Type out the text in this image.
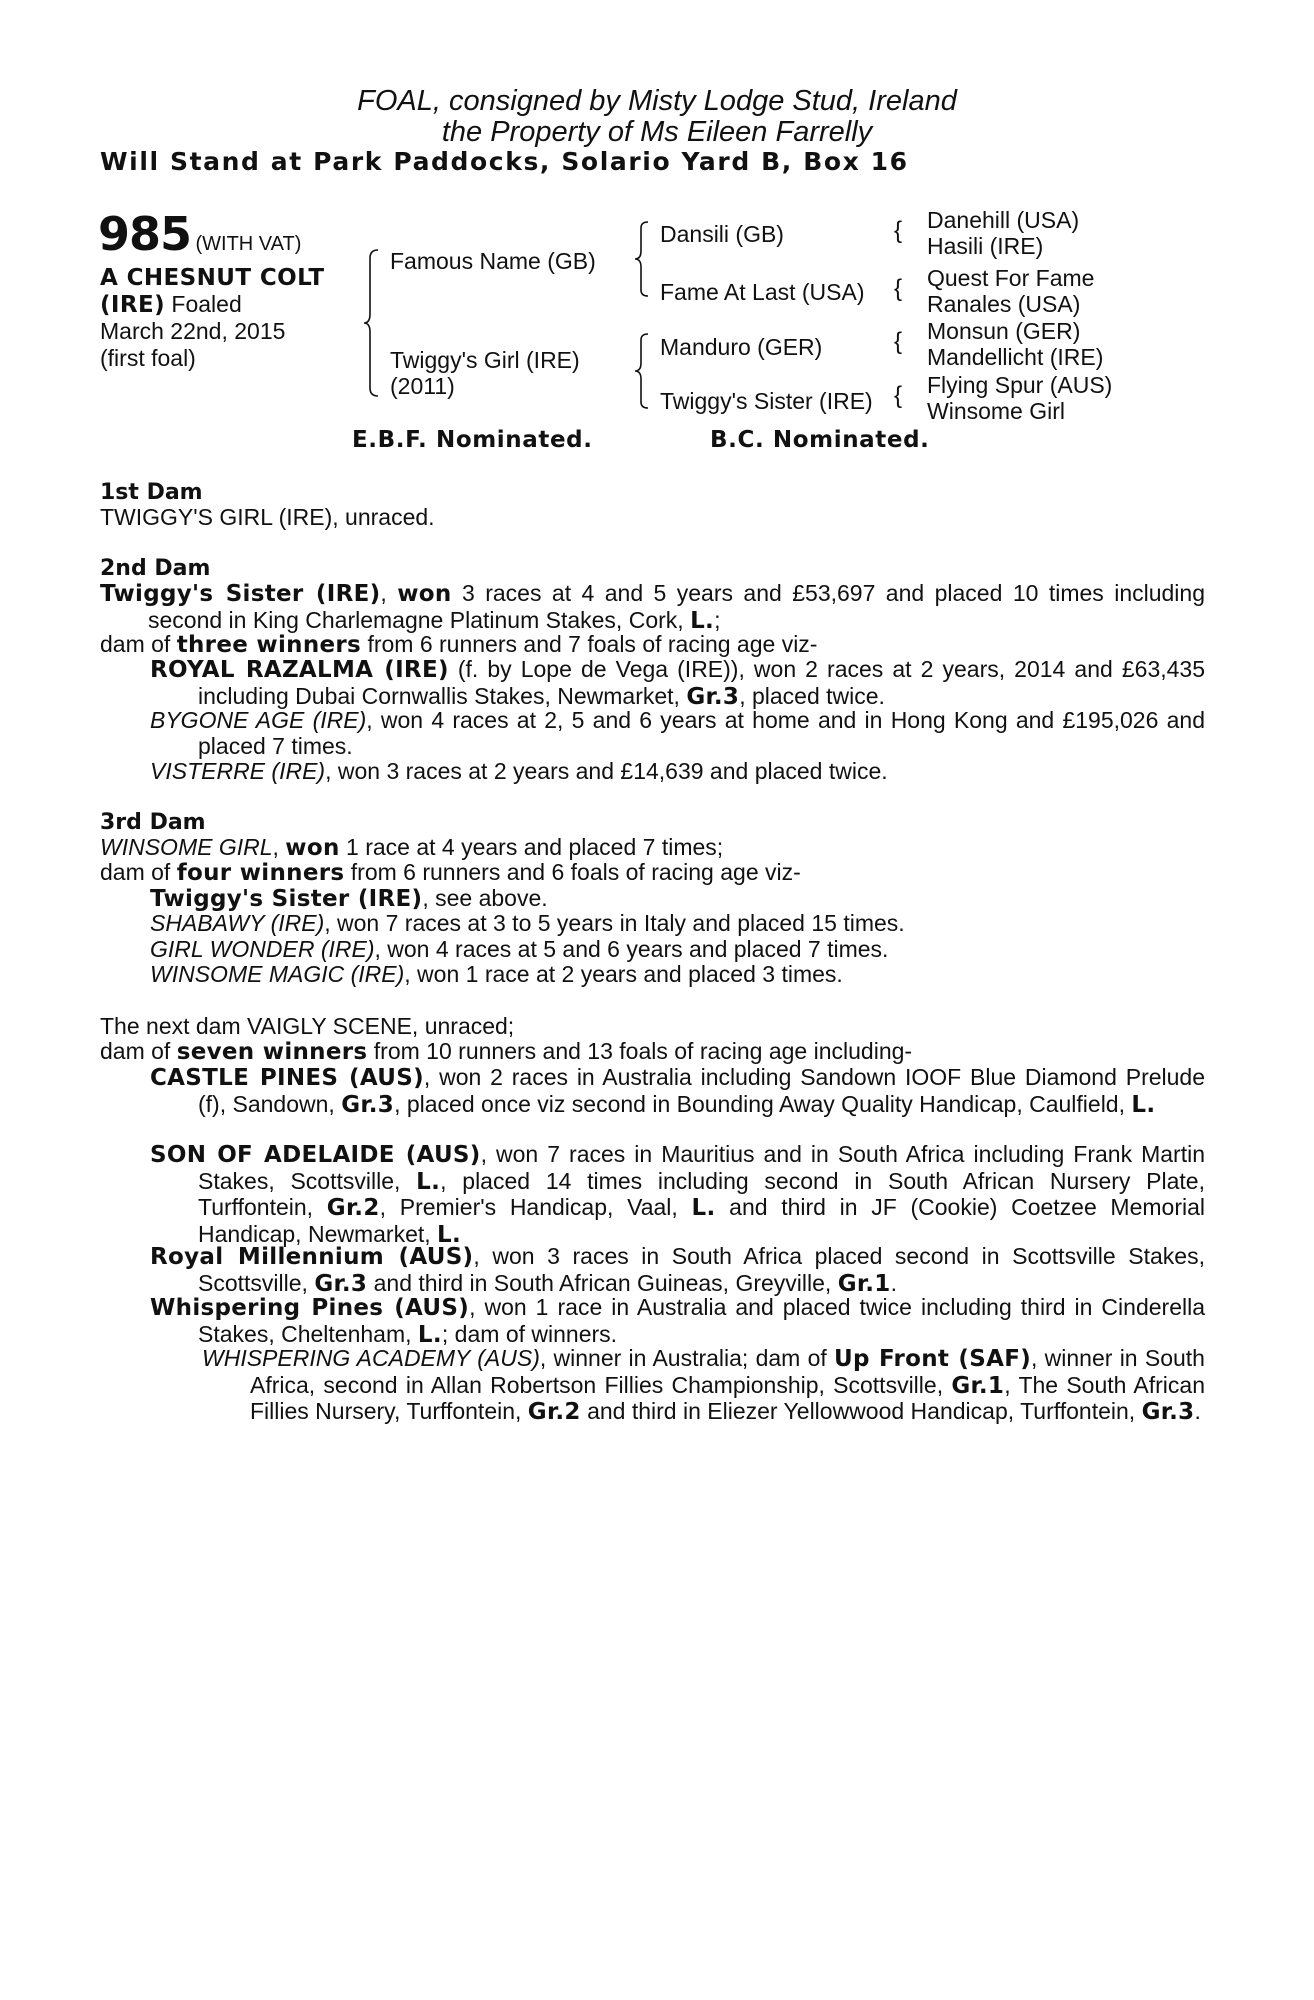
FOAL, consigned by Misty Lodge Stud, Ireland
the Property of Ms Eileen Farrelly
Will Stand at Park Paddocks, Solario Yard B, Box 16
985 (WITH VAT)
A CHESNUT COLT
(IRE) Foaled
March 22nd, 2015
(first foal)
Famous Name (GB)
Twiggy's Girl (IRE)
(2011)
Dansili (GB)
Fame At Last (USA)
Manduro (GER)
Twiggy's Sister (IRE)
Danehill (USA)
Hasili (IRE)
Quest For Fame
Ranales (USA)
Monsun (GER)
Mandellicht (IRE)
Flying Spur (AUS)
Winsome Girl
{
{
{
{
E.B.F. Nominated.	B.C. Nominated.
1st Dam
TWIGGY'S GIRL (IRE), unraced.
2nd Dam
Twiggy's Sister (IRE), won 3 races at 4 and 5 years and £53,697 and placed 10 times including second in King Charlemagne Platinum Stakes, Cork, L.;
dam of three winners from 6 runners and 7 foals of racing age viz-
ROYAL RAZALMA (IRE) (f. by Lope de Vega (IRE)), won 2 races at 2 years, 2014 and £63,435 including Dubai Cornwallis Stakes, Newmarket, Gr.3, placed twice.
BYGONE AGE (IRE), won 4 races at 2, 5 and 6 years at home and in Hong Kong and £195,026 and placed 7 times.
VISTERRE (IRE), won 3 races at 2 years and £14,639 and placed twice.
3rd Dam
WINSOME GIRL, won 1 race at 4 years and placed 7 times;
dam of four winners from 6 runners and 6 foals of racing age viz-
Twiggy's Sister (IRE), see above.
SHABAWY (IRE), won 7 races at 3 to 5 years in Italy and placed 15 times.
GIRL WONDER (IRE), won 4 races at 5 and 6 years and placed 7 times.
WINSOME MAGIC (IRE), won 1 race at 2 years and placed 3 times.
The next dam VAIGLY SCENE, unraced;
dam of seven winners from 10 runners and 13 foals of racing age including-
CASTLE PINES (AUS), won 2 races in Australia including Sandown IOOF Blue Diamond Prelude (f), Sandown, Gr.3, placed once viz second in Bounding Away Quality Handicap, Caulfield, L.
SON OF ADELAIDE (AUS), won 7 races in Mauritius and in South Africa including Frank Martin Stakes, Scottsville, L., placed 14 times including second in South African Nursery Plate, Turffontein, Gr.2, Premier's Handicap, Vaal, L. and third in JF (Cookie) Coetzee Memorial Handicap, Newmarket, L.
Royal Millennium (AUS), won 3 races in South Africa placed second in Scottsville Stakes, Scottsville, Gr.3 and third in South African Guineas, Greyville, Gr.1.
Whispering Pines (AUS), won 1 race in Australia and placed twice including third in Cinderella Stakes, Cheltenham, L.; dam of winners.
WHISPERING ACADEMY (AUS), winner in Australia; dam of Up Front (SAF), winner in South Africa, second in Allan Robertson Fillies Championship, Scottsville, Gr.1, The South African Fillies Nursery, Turffontein, Gr.2 and third in Eliezer Yellowwood Handicap, Turffontein, Gr.3.
